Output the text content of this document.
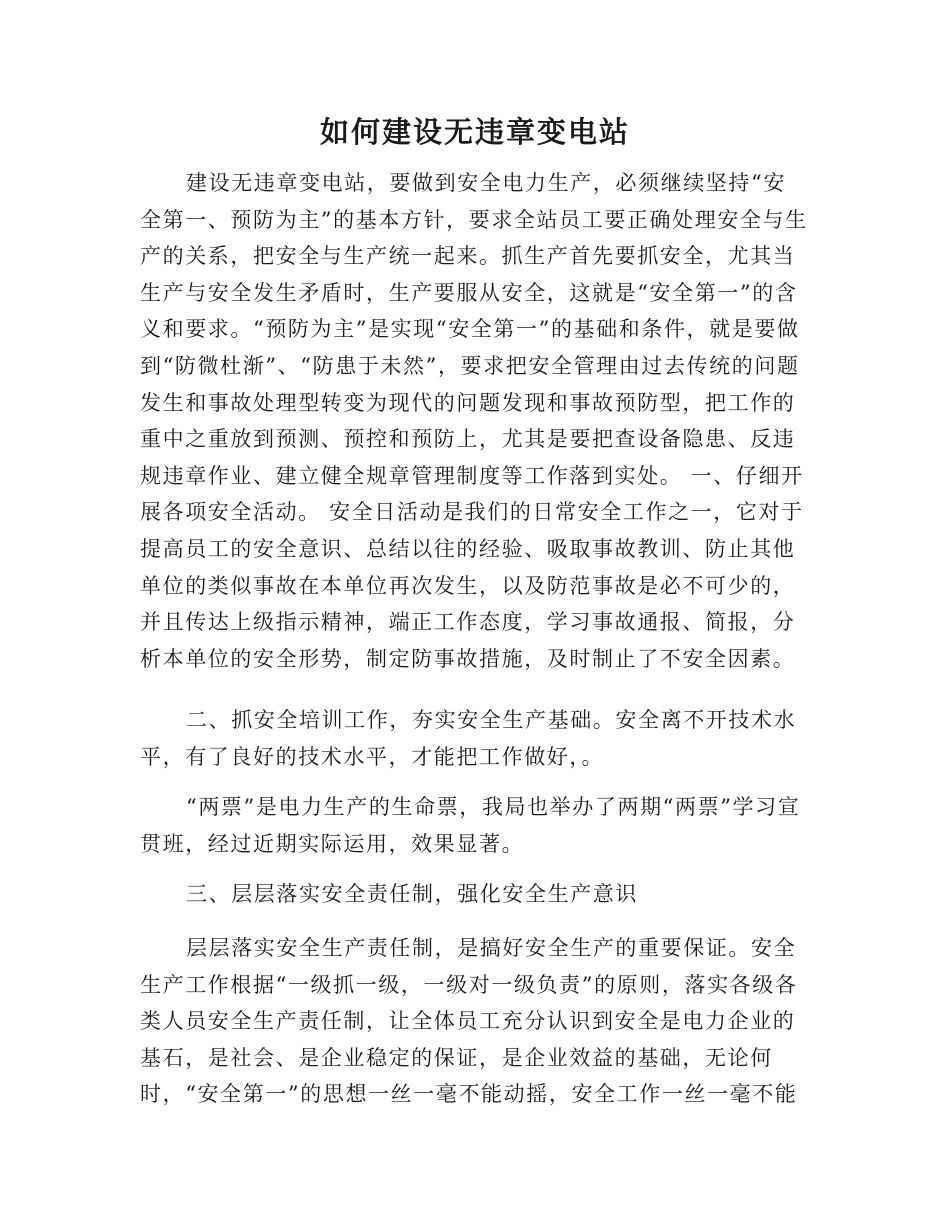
如何建设无违章变电站

建设无违章变电站，要做到安全电力生产，必须继续坚持“安全第一、预防为主”的基本方针，要求全站员工要正确处理安全与生产的关系，把安全与生产统一起来。抓生产首先要抓安全，尤其当生产与安全发生矛盾时，生产要服从安全，这就是“安全第一”的含义和要求。“预防为主”是实现“安全第一”的基础和条件，就是要做到“防微杜渐”、“防患于未然”，要求把安全管理由过去传统的问题发生和事故处理型转变为现代的问题发现和事故预防型，把工作的重中之重放到预测、预控和预防上，尤其是要把查设备隐患、反违规违章作业、建立健全规章管理制度等工作落到实处。 一、仔细开展各项安全活动。 安全日活动是我们的日常安全工作之一，它对于提高员工的安全意识、总结以往的经验、吸取事故教训、防止其他单位的类似事故在本单位再次发生，以及防范事故是必不可少的，并且传达上级指示精神，端正工作态度，学习事故通报、简报，分析本单位的安全形势，制定防事故措施，及时制止了不安全因素。

二、抓安全培训工作，夯实安全生产基础。安全离不开技术水平，有了良好的技术水平，才能把工作做好，。

“两票”是电力生产的生命票，我局也举办了两期“两票”学习宣贯班，经过近期实际运用，效果显著。

三、层层落实安全责任制，强化安全生产意识

层层落实安全生产责任制，是搞好安全生产的重要保证。安全生产工作根据“一级抓一级，一级对一级负责”的原则，落实各级各类人员安全生产责任制，让全体员工充分认识到安全是电力企业的基石，是社会、是企业稳定的保证，是企业效益的基础，无论何时，“安全第一”的思想一丝一毫不能动摇，安全工作一丝一毫不能
